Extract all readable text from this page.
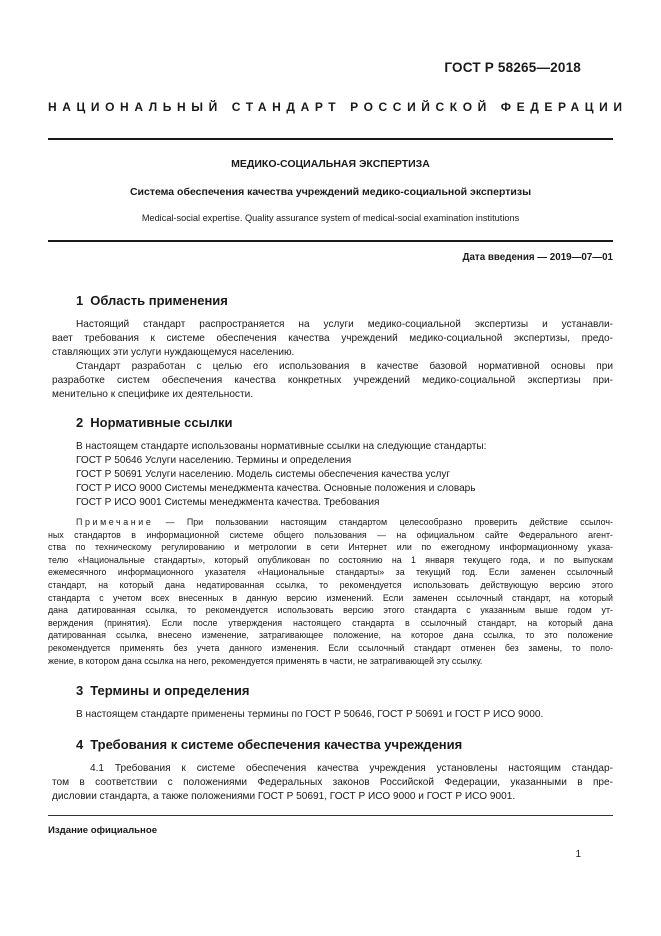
ГОСТ Р 58265—2018
НАЦИОНАЛЬНЫЙ СТАНДАРТ РОССИЙСКОЙ ФЕДЕРАЦИИ
МЕДИКО-СОЦИАЛЬНАЯ ЭКСПЕРТИЗА
Система обеспечения качества учреждений медико-социальной экспертизы
Medical-social expertise. Quality assurance system of medical-social examination institutions
Дата введения — 2019—07—01
1 Область применения
Настоящий стандарт распространяется на услуги медико-социальной экспертизы и устанавли-
вает требования к системе обеспечения качества учреждений медико-социальной экспертизы, предо-
ставляющих эти услуги нуждающемуся населению.
Стандарт разработан с целью его использования в качестве базовой нормативной основы при
разработке систем обеспечения качества конкретных учреждений медико-социальной экспертизы при-
менительно к специфике их деятельности.
2 Нормативные ссылки
В настоящем стандарте использованы нормативные ссылки на следующие стандарты:
ГОСТ Р 50646 Услуги населению. Термины и определения
ГОСТ Р 50691 Услуги населению. Модель системы обеспечения качества услуг
ГОСТ Р ИСО 9000 Системы менеджмента качества. Основные положения и словарь
ГОСТ Р ИСО 9001 Системы менеджмента качества. Требования
Примечание — При пользовании настоящим стандартом целесообразно проверить действие ссылоч-
ных стандартов в информационной системе общего пользования — на официальном сайте Федерального агент-
ства по техническому регулированию и метрологии в сети Интернет или по ежегодному информационному указа-
телю «Национальные стандарты», который опубликован по состоянию на 1 января текущего года, и по выпускам
ежемесячного информационного указателя «Национальные стандарты» за текущий год. Если заменен ссылочный
стандарт, на который дана недатированная ссылка, то рекомендуется использовать действующую версию этого
стандарта с учетом всех внесенных в данную версию изменений. Если заменен ссылочный стандарт, на который
дана датированная ссылка, то рекомендуется использовать версию этого стандарта с указанным выше годом ут-
верждения (принятия). Если после утверждения настоящего стандарта в ссылочный стандарт, на который дана
датированная ссылка, внесено изменение, затрагивающее положение, на которое дана ссылка, то это положение
рекомендуется применять без учета данного изменения. Если ссылочный стандарт отменен без замены, то поло-
жение, в котором дана ссылка на него, рекомендуется применять в части, не затрагивающей эту ссылку.
3 Термины и определения
В настоящем стандарте применены термины по ГОСТ Р 50646, ГОСТ Р 50691 и ГОСТ Р ИСО 9000.
4 Требования к системе обеспечения качества учреждения
4.1 Требования к системе обеспечения качества учреждения установлены настоящим стандар-
том в соответствии с положениями Федеральных законов Российской Федерации, указанными в пре-
дисловии стандарта, а также положениями ГОСТ Р 50691, ГОСТ Р ИСО 9000 и ГОСТ Р ИСО 9001.
Издание официальное
1
